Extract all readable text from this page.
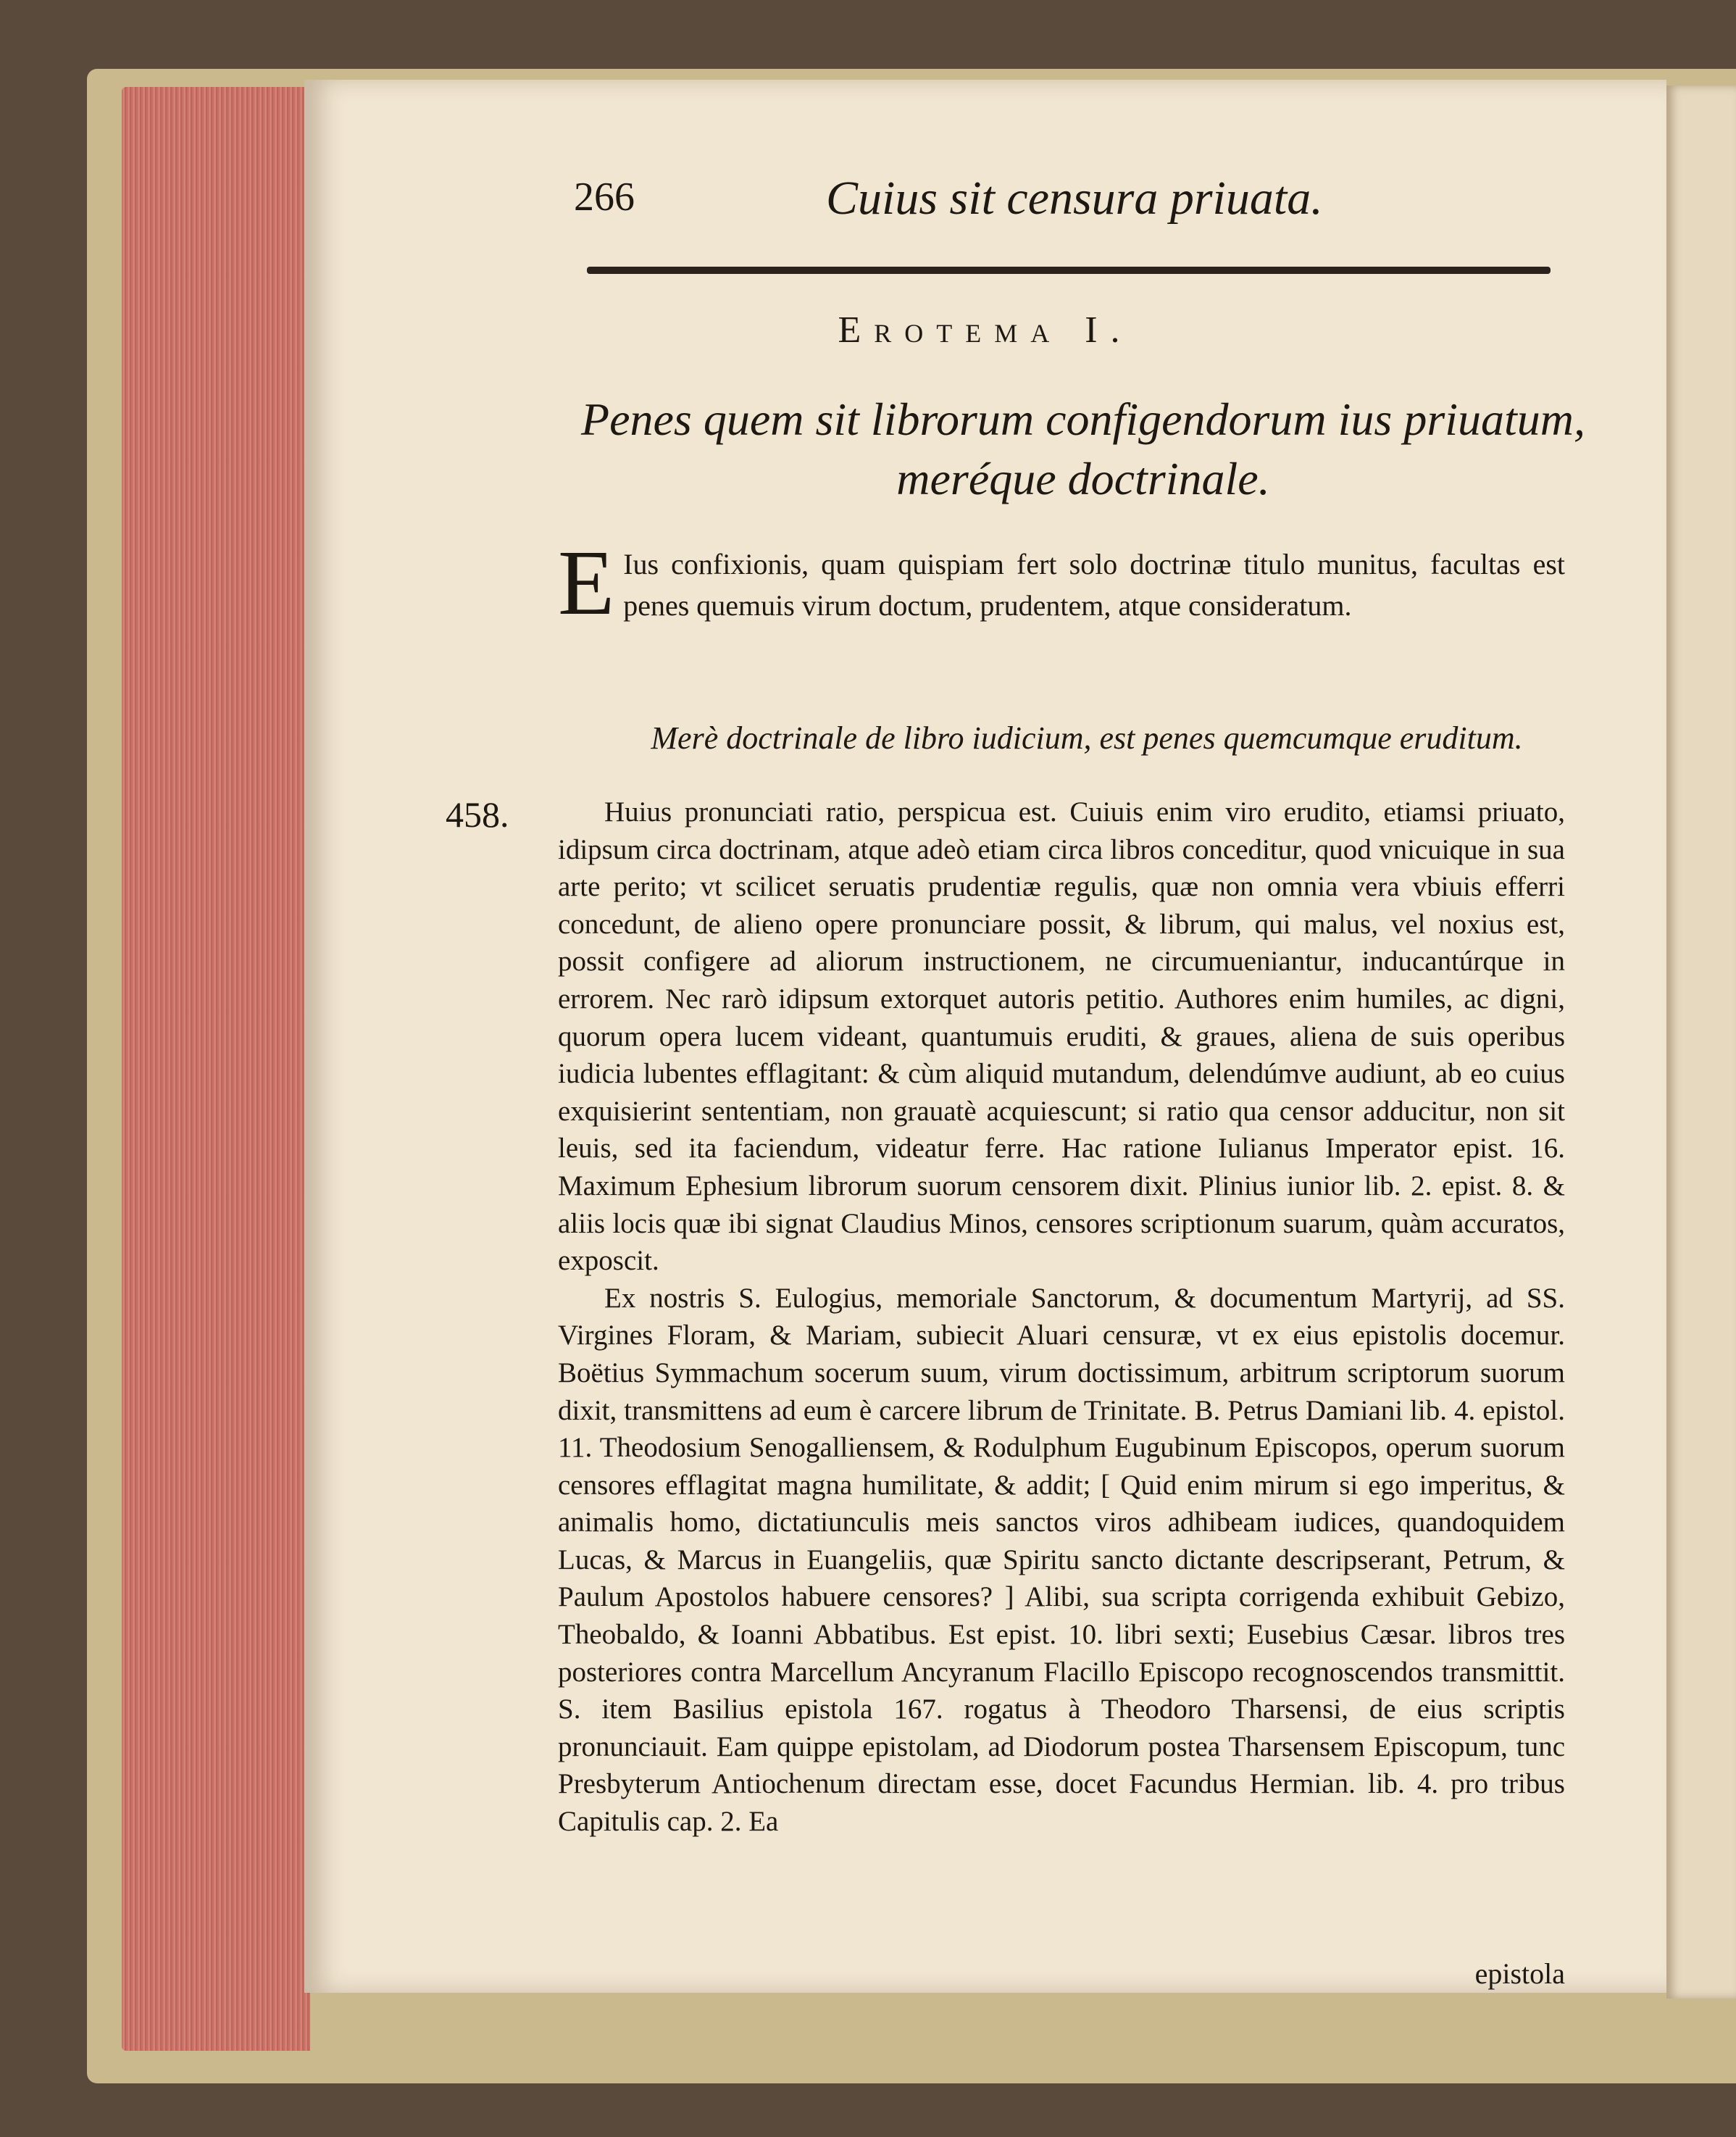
266	Cuius sit censura priuata.
Erotema I.
Penes quem sit librorum configendorum ius priuatum, meréque doctrinale.
E Ius confixionis, quam quispiam fert solo doctrinæ titulo munitus, facultas est penes quemuis virum doctum, prudentem, atque consideratum.
Merè doctrinale de libro iudicium, est penes quemcumque eruditum.
458.	Huius pronunciati ratio, perspicua est. Cuiuis enim viro erudito, etiamsi priuato, idipsum circa doctrinam, atque adeò etiam circa libros conceditur, quod vnicuique in sua arte perito; vt scilicet seruatis prudentiæ regulis, quæ non omnia vera vbiuis efferri concedunt, de alieno opere pronunciare possit, & librum, qui malus, vel noxius est, possit configere ad aliorum instructionem, ne circumueniantur, inducantúrque in errorem. Nec rarò idipsum extorquet autoris petitio. Authores enim humiles, ac digni, quorum opera lucem videant, quantumuis eruditi, & graues, aliena de suis operibus iudicia lubentes efflagitant: & cùm aliquid mutandum, delendúmve audiunt, ab eo cuius exquisierint sententiam, non grauatè acquiescunt; si ratio qua censor adducitur, non sit leuis, sed ita faciendum, videatur ferre. Hac ratione Iulianus Imperator epist. 16. Maximum Ephesium librorum suorum censorem dixit. Plinius iunior lib. 2. epist. 8. & aliis locis quæ ibi signat Claudius Minos, censores scriptionum suarum, quàm accuratos, exposcit.

Ex nostris S. Eulogius, memoriale Sanctorum, & documentum Martyrij, ad SS. Virgines Floram, & Mariam, subiecit Aluari censuræ, vt ex eius epistolis docemur. Boëtius Symmachum socerum suum, virum doctissimum, arbitrum scriptorum suorum dixit, transmittens ad eum è carcere librum de Trinitate. B. Petrus Damiani lib. 4. epistol. 11. Theodosium Senogalliensem, & Rodulphum Eugubinum Episcopos, operum suorum censores efflagitat magna humilitate, & addit; [ Quid enim mirum si ego imperitus, & animalis homo, dictatiunculis meis sanctos viros adhibeam iudices, quandoquidem Lucas, & Marcus in Euangeliis, quæ Spiritu sancto dictante descripserant, Petrum, & Paulum Apostolos habuere censores? ] Alibi, sua scripta corrigenda exhibuit Gebizo, Theobaldo, & Ioanni Abbatibus. Est epist. 10. libri sexti; Eusebius Cæsar. libros tres posteriores contra Marcellum Ancyranum Flacillo Episcopo recognoscendos transmittit. S. item Basilius epistola 167. rogatus à Theodoro Tharsensi, de eius scriptis pronunciauit. Eam quippe epistolam, ad Diodorum postea Tharsensem Episcopum, tunc Presbyterum Antiochenum directam esse, docet Facundus Hermian. lib. 4. pro tribus Capitulis cap. 2. Ea

epistola
